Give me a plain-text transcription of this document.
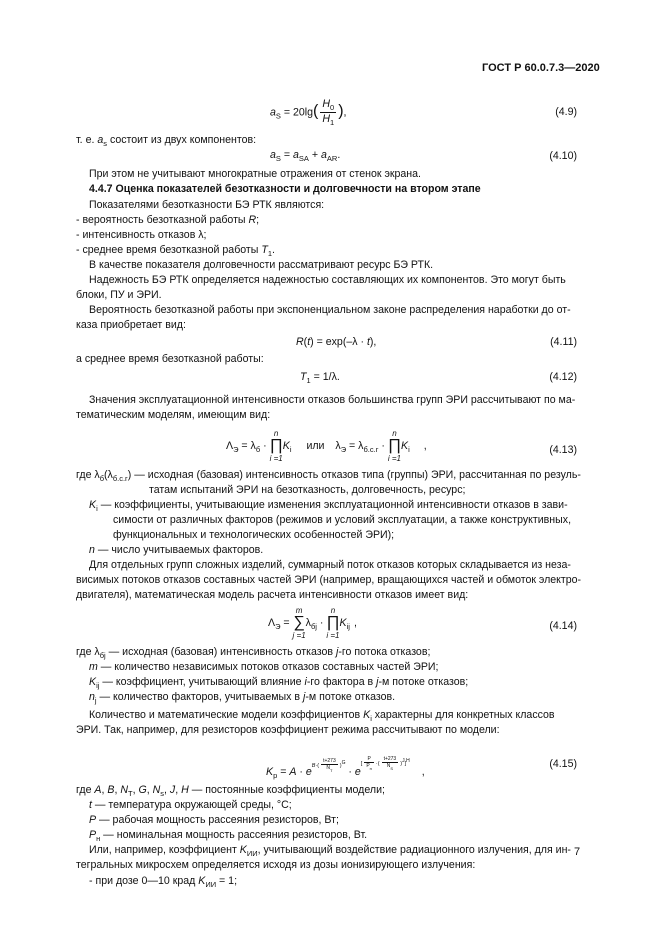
ГОСТ Р 60.0.7.3—2020
$a_S = 20\lg( \frac{H_0}{H_1}$ ),	(4.9)
т. е. $a_s$ состоит из двух компонентов:
$a_S = a_{SA} + a_{AR}$.	(4.10)
При этом не учитывают многократные отражения от стенок экрана.
4.4.7 Оценка показателей безотказности и долговечности на втором этапе
Показателями безотказности БЭ РТК являются:
- вероятность безотказной работы R;
- интенсивность отказов λ;
- среднее время безотказной работы $T_1$.
В качестве показателя долговечности рассматривают ресурс БЭ РТК.
Надежность БЭ РТК определяется надежностью составляющих их компонентов. Это могут быть
блоки, ПУ и ЭРИ.
Вероятность безотказной работы при экспоненциальном законе распределения наработки до от-
каза приобретает вид:
R(t) = exp(–λ · t),	(4.11)
а среднее время безотказной работы:
$T_1 = 1/\lambda$.	(4.12)
Значения эксплуатационной интенсивности отказов большинства групп ЭРИ рассчитывают по ма-
тематическим моделям, имеющим вид:
$\Lambda_Э = \lambda_б$ ·
n
∏
i =1
$K_i$ или $\lambda_Э = \lambda_{б.с.г}$ ·
n
∏
i =1
$K_i$ ,	(4.13)
где $\lambda_б(\lambda_{б.с.г})$ — исходная (базовая) интенсивность отказов типа (группы) ЭРИ, рассчитанная по резуль-
татам испытаний ЭРИ на безотказность, долговечность, ресурс;
$K_i$ — коэффициенты, учитывающие изменения эксплуатационной интенсивности отказов в зави-
симости от различных факторов (режимов и условий эксплуатации, а также конструктивных,
функциональных и технологических особенностей ЭРИ);
n — число учитываемых факторов.
Для отдельных групп сложных изделий, суммарный поток отказов которых складывается из неза-
висимых потоков отказов составных частей ЭРИ (например, вращающихся частей и обмоток электро-
двигателя), математическая модель расчета интенсивности отказов имеет вид:
$\Lambda_Э$ =
m
∑
j =1
$\lambda_{бj}$ ·
n
∏
i =1
$K_{ij}$ ,	(4.14)
где $\lambda_{бj}$ — исходная (базовая) интенсивность отказов j-го потока отказов;
m — количество независимых потоков отказов составных частей ЭРИ;
$K_{ij}$ — коэффициент, учитывающий влияние i-го фактора в j-м потоке отказов;
$n_j$ — количество факторов, учитываемых в j-м потоке отказов.
Количество и математические модели коэффициентов $K_i$ характерны для конкретных классов
ЭРИ. Так, например, для резисторов коэффициент режима рассчитывают по модели:
$K_р = A \cdot e^{B\cdot( \frac{t+273}{N_T} )^G} \cdot e^{[ \frac{P}{P_н} \cdot( \frac{t+273}{N_S} )^J]^H}$,
(4.15)
где A, B, $N_T$, G, $N_s$, J, H — постоянные коэффициенты модели;
t — температура окружающей среды, °С;
P — рабочая мощность рассеяния резисторов, Вт;
$P_н$ — номинальная мощность рассеяния резисторов, Вт.
Или, например, коэффициент $K_{ИИ}$, учитывающий воздействие радиационного излучения, для ин-
тегральных микросхем определяется исходя из дозы ионизирующего излучения:
- при дозе 0—10 крад $K_{ИИ} = 1$;
7
